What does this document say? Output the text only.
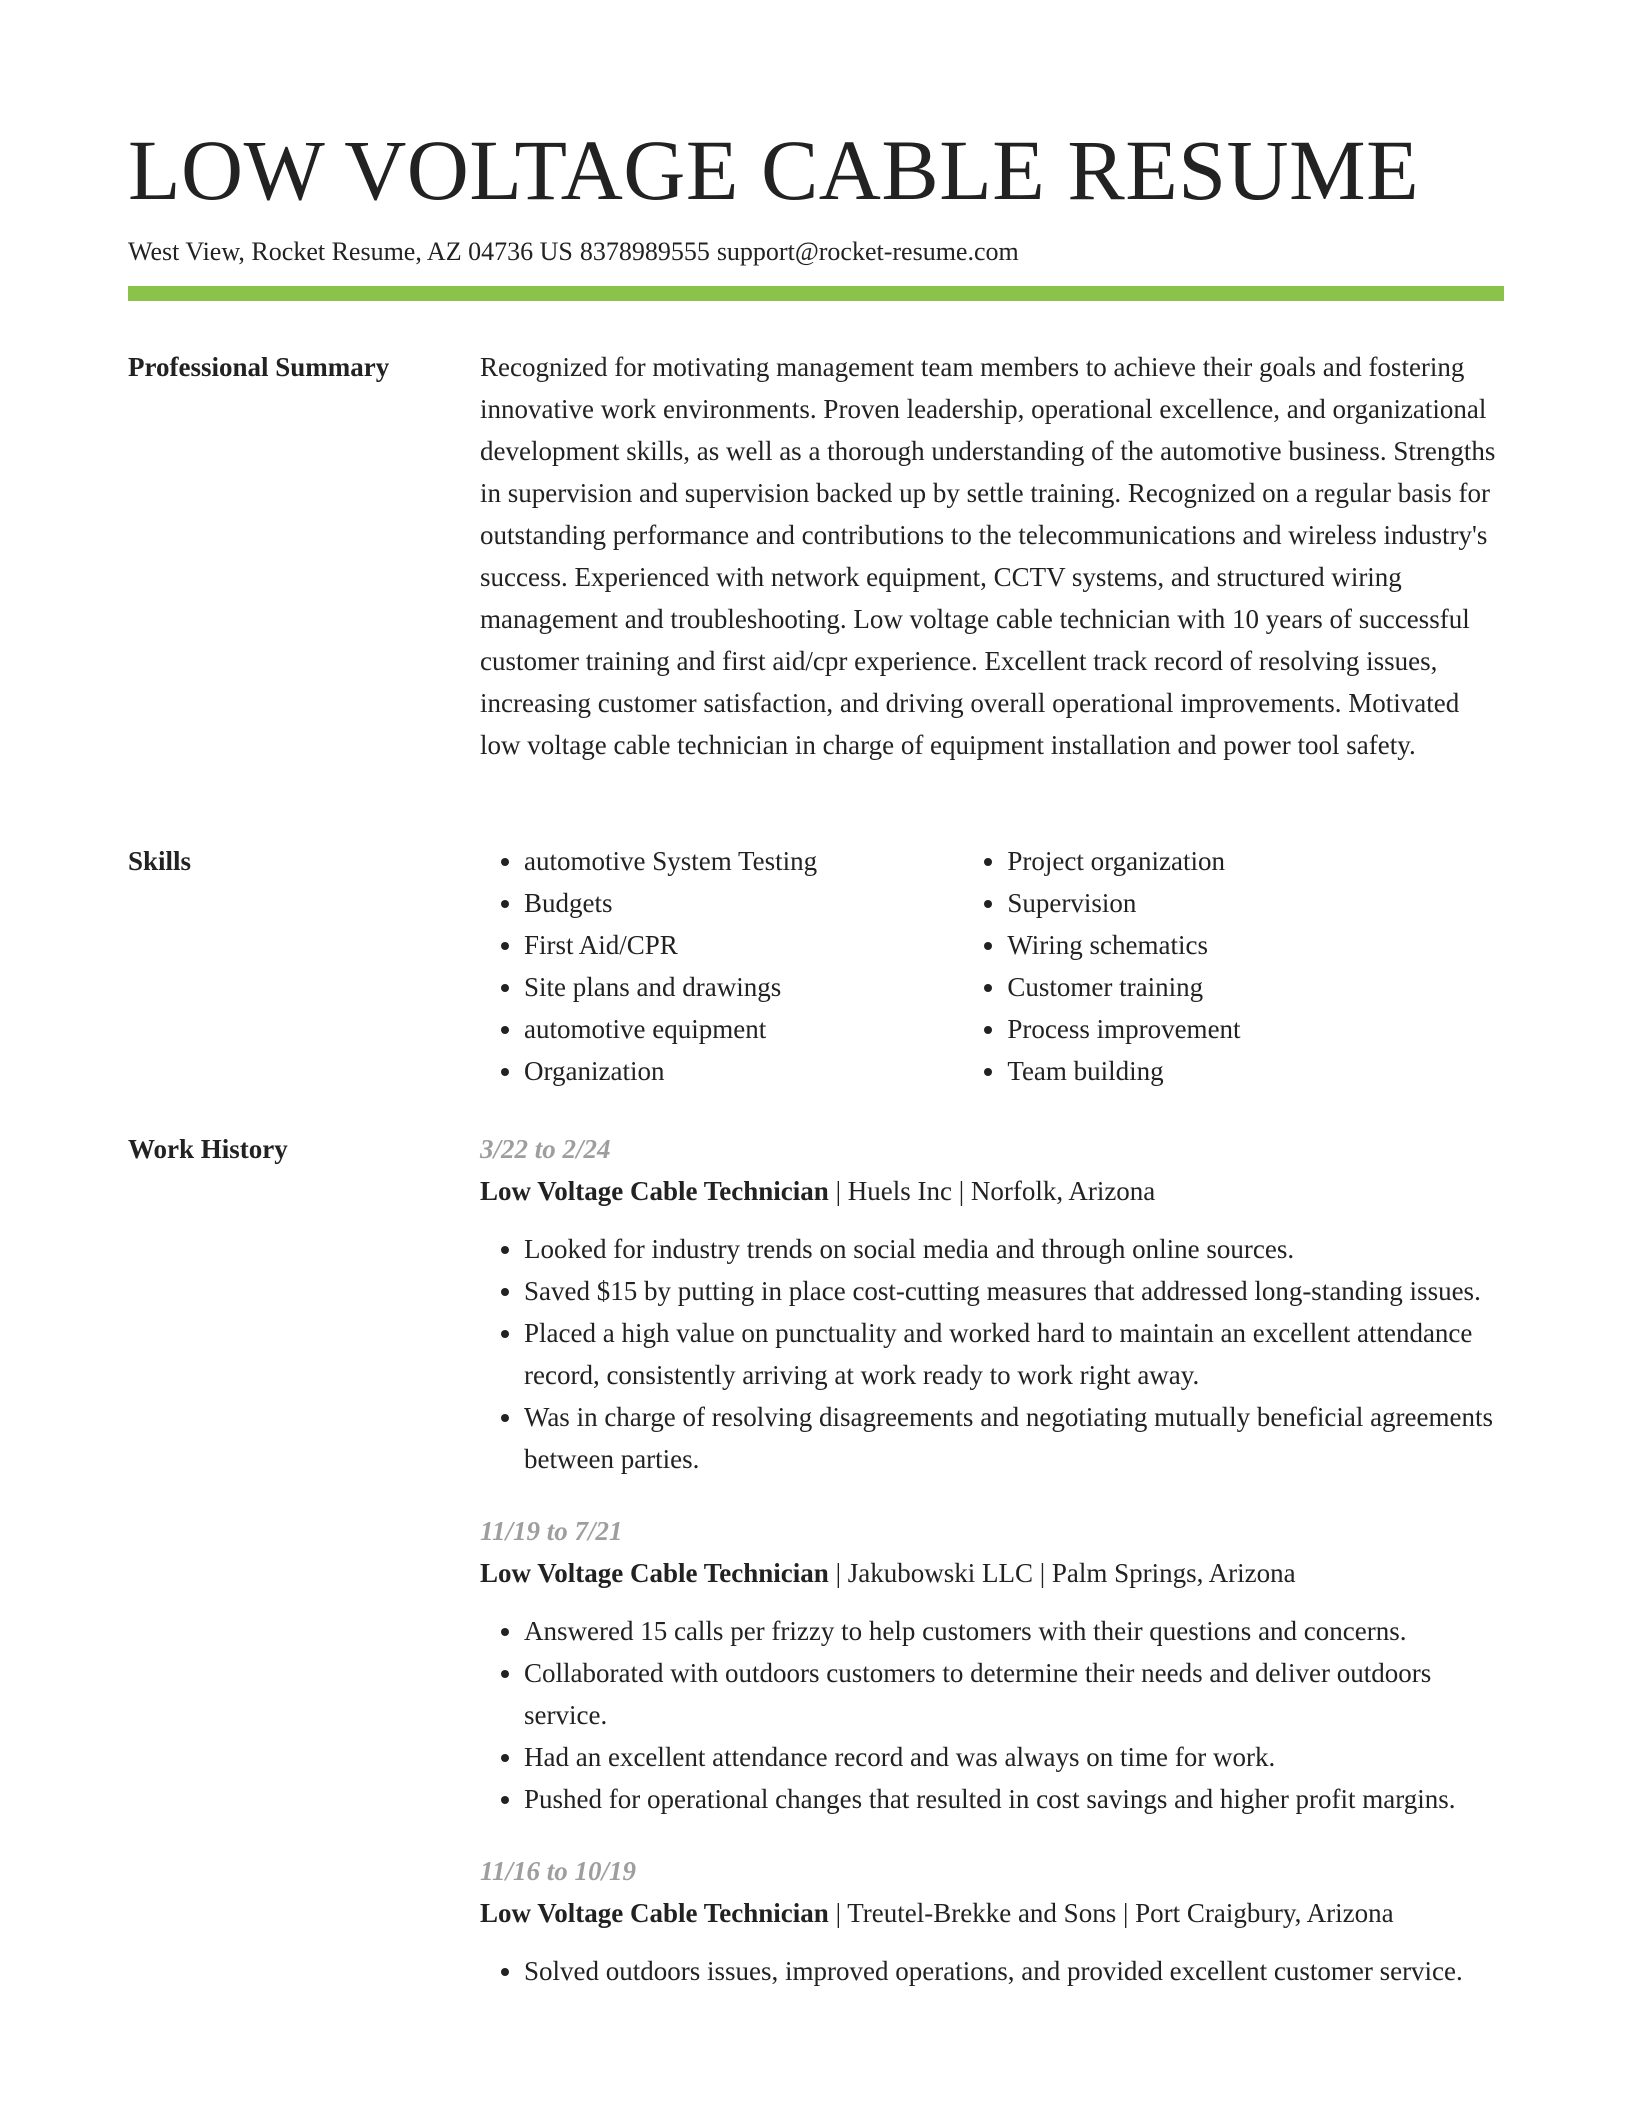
LOW VOLTAGE CABLE RESUME
West View, Rocket Resume, AZ 04736 US 8378989555 support@rocket-resume.com
Professional Summary	Recognized for motivating management team members to achieve their goals and fostering innovative work environments. Proven leadership, operational excellence, and organizational development skills, as well as a thorough understanding of the automotive business. Strengths in supervision and supervision backed up by settle training. Recognized on a regular basis for outstanding performance and contributions to the telecommunications and wireless industry's success. Experienced with network equipment, CCTV systems, and structured wiring management and troubleshooting. Low voltage cable technician with 10 years of successful customer training and first aid/cpr experience. Excellent track record of resolving issues, increasing customer satisfaction, and driving overall operational improvements. Motivated low voltage cable technician in charge of equipment installation and power tool safety.

Skills
•	automotive System Testing
• Budgets
• First Aid/CPR
• Site plans and drawings
• automotive equipment
• Organization
• Project organization
• Supervision
• Wiring schematics
• Customer training
• Process improvement
• Team building
Work History	3/22 to 2/24
Low Voltage Cable Technician | Huels Inc | Norfolk, Arizona
• Looked for industry trends on social media and through online sources.
• Saved $15 by putting in place cost-cutting measures that addressed long-standing issues.
• Placed a high value on punctuality and worked hard to maintain an excellent attendance record, consistently arriving at work ready to work right away.
• Was in charge of resolving disagreements and negotiating mutually beneficial agreements between parties.
11/19 to 7/21
Low Voltage Cable Technician | Jakubowski LLC | Palm Springs, Arizona
• Answered 15 calls per frizzy to help customers with their questions and concerns.
• Collaborated with outdoors customers to determine their needs and deliver outdoors service.
• Had an excellent attendance record and was always on time for work.
• Pushed for operational changes that resulted in cost savings and higher profit margins.
11/16 to 10/19
Low Voltage Cable Technician | Treutel-Brekke and Sons | Port Craigbury, Arizona
• Solved outdoors issues, improved operations, and provided excellent customer service.
